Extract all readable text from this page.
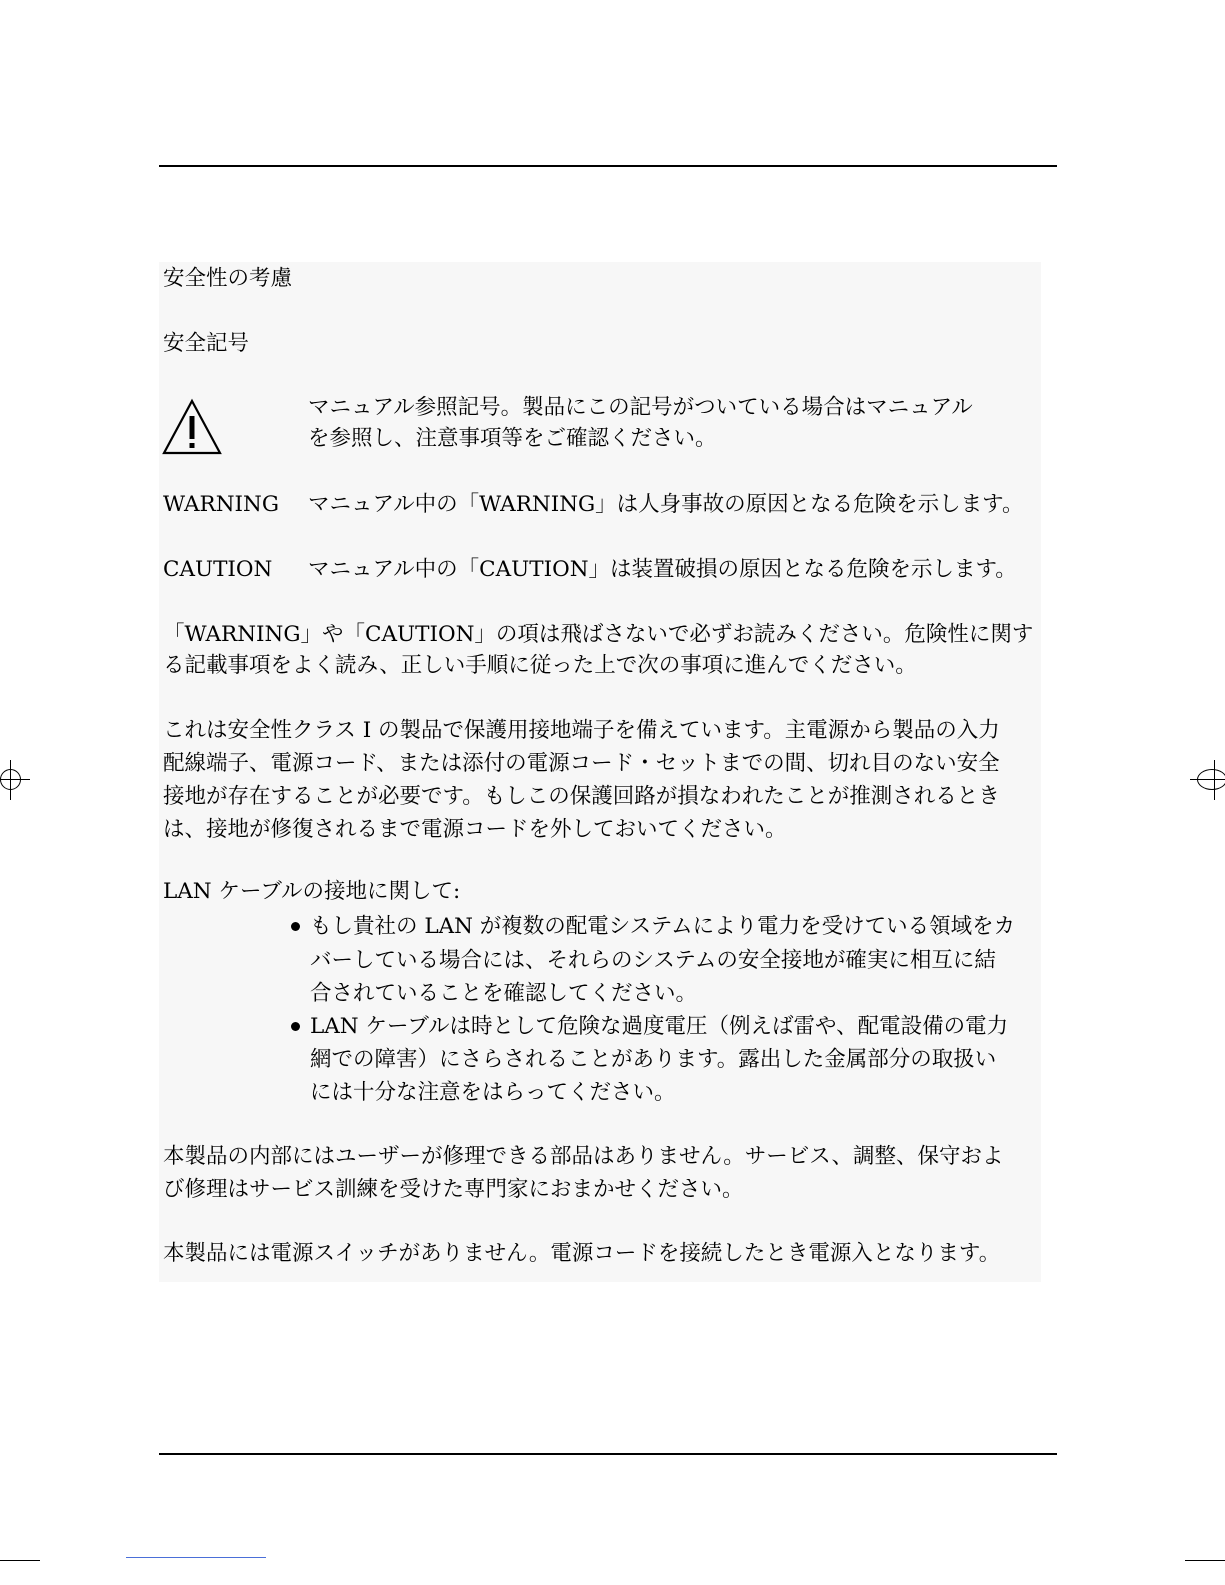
安全性の考慮
安全記号
マニュアル参照記号。製品にこの記号がついている場合はマニュアル
を参照し、注意事項等をご確認ください。
WARNING マニュアル中の「WARNING」は人身事故の原因となる危険を示します。
CAUTION マニュアル中の「CAUTION」は装置破損の原因となる危険を示します。
「WARNING」や「CAUTION」の項は飛ばさないで必ずお読みください。危険性に関す
る記載事項をよく読み、正しい手順に従った上で次の事項に進んでください。
これは安全性クラス I の製品で保護用接地端子を備えています。主電源から製品の入力
配線端子、電源コード、または添付の電源コード・セットまでの間、切れ目のない安全
接地が存在することが必要です。もしこの保護回路が損なわれたことが推測されるとき
は、接地が修復されるまで電源コードを外しておいてください。
LAN ケーブルの接地に関して:
もし貴社の LAN が複数の配電システムにより電力を受けている領域をカ
バーしている場合には、それらのシステムの安全接地が確実に相互に結
合されていることを確認してください。
LAN ケーブルは時として危険な過度電圧（例えば雷や、配電設備の電力
網での障害）にさらされることがあります。露出した金属部分の取扱い
には十分な注意をはらってください。
本製品の内部にはユーザーが修理できる部品はありません。サービス、調整、保守およ
び修理はサービス訓練を受けた専門家におまかせください。
本製品には電源スイッチがありません。電源コードを接続したとき電源入となります。
